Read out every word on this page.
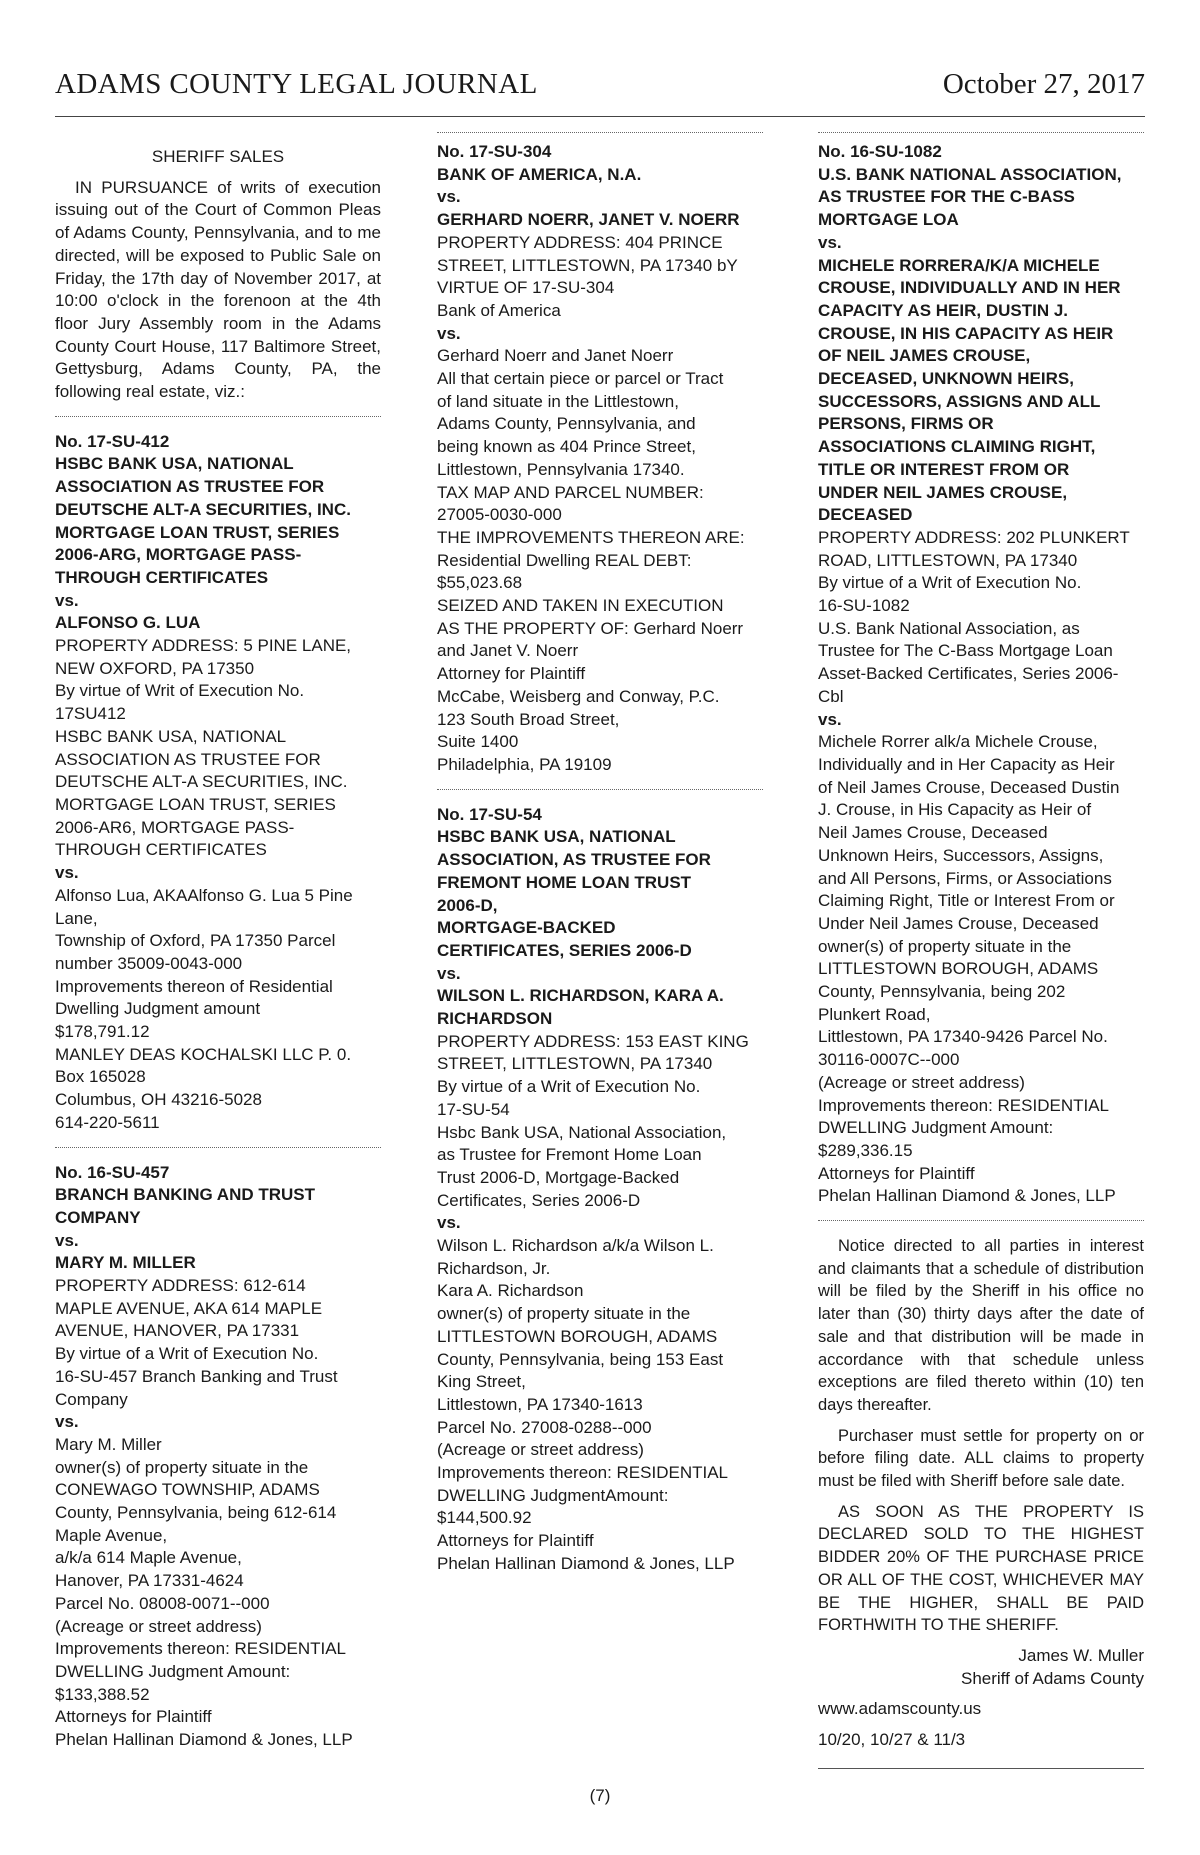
ADAMS COUNTY LEGAL JOURNAL	October 27, 2017
SHERIFF SALES
IN PURSUANCE of writs of execution issuing out of the Court of Common Pleas of Adams County, Pennsylvania, and to me directed, will be exposed to Public Sale on Friday, the 17th day of November 2017, at 10:00 o'clock in the forenoon at the 4th floor Jury Assembly room in the Adams County Court House, 117 Baltimore Street, Gettysburg, Adams County, PA, the following real estate, viz.:
No. 17-SU-412
HSBC BANK USA, NATIONAL
ASSOCIATION AS TRUSTEE FOR
DEUTSCHE ALT-A SECURITIES, INC.
MORTGAGE LOAN TRUST, SERIES
2006-ARG, MORTGAGE PASS-
THROUGH CERTIFICATES
vs.
ALFONSO G. LUA
PROPERTY ADDRESS: 5 PINE LANE,
NEW OXFORD, PA 17350
By virtue of Writ of Execution No.
17SU412
HSBC BANK USA, NATIONAL
ASSOCIATION AS TRUSTEE FOR
DEUTSCHE ALT-A SECURITIES, INC.
MORTGAGE LOAN TRUST, SERIES
2006-AR6, MORTGAGE PASS-
THROUGH CERTIFICATES
vs.
Alfonso Lua, AKAAlfonso G. Lua 5 Pine
Lane,
Township of Oxford, PA 17350 Parcel
number 35009-0043-000
Improvements thereon of Residential
Dwelling Judgment amount
$178,791.12
MANLEY DEAS KOCHALSKI LLC P. 0.
Box 165028
Columbus, OH 43216-5028
614-220-5611
No. 16-SU-457
BRANCH BANKING AND TRUST
COMPANY
vs.
MARY M. MILLER
PROPERTY ADDRESS: 612-614
MAPLE AVENUE, AKA 614 MAPLE
AVENUE, HANOVER, PA 17331
By virtue of a Writ of Execution No.
16-SU-457 Branch Banking and Trust
Company
vs.
Mary M. Miller
owner(s) of property situate in the
CONEWAGO TOWNSHIP, ADAMS
County, Pennsylvania, being 612-614
Maple Avenue,
a/k/a 614 Maple Avenue,
Hanover, PA 17331-4624
Parcel No. 08008-0071--000
(Acreage or street address)
Improvements thereon: RESIDENTIAL
DWELLING Judgment Amount:
$133,388.52
Attorneys for Plaintiff
Phelan Hallinan Diamond & Jones, LLP
No. 17-SU-304
BANK OF AMERICA, N.A.
vs.
GERHARD NOERR, JANET V. NOERR
PROPERTY ADDRESS: 404 PRINCE
STREET, LITTLESTOWN, PA 17340 bY
VIRTUE OF 17-SU-304
Bank of America
vs.
Gerhard Noerr and Janet Noerr
All that certain piece or parcel or Tract
of land situate in the Littlestown,
Adams County, Pennsylvania, and
being known as 404 Prince Street,
Littlestown, Pennsylvania 17340.
TAX MAP AND PARCEL NUMBER:
27005-0030-000
THE IMPROVEMENTS THEREON ARE:
Residential Dwelling REAL DEBT:
$55,023.68
SEIZED AND TAKEN IN EXECUTION
AS THE PROPERTY OF: Gerhard Noerr
and Janet V. Noerr
Attorney for Plaintiff
McCabe, Weisberg and Conway, P.C.
123 South Broad Street,
Suite 1400
Philadelphia, PA 19109
No. 17-SU-54
HSBC BANK USA, NATIONAL
ASSOCIATION, AS TRUSTEE FOR
FREMONT HOME LOAN TRUST
2006-D,
MORTGAGE-BACKED
CERTIFICATES, SERIES 2006-D
vs.
WILSON L. RICHARDSON, KARA A.
RICHARDSON
PROPERTY ADDRESS: 153 EAST KING
STREET, LITTLESTOWN, PA 17340
By virtue of a Writ of Execution No.
17-SU-54
Hsbc Bank USA, National Association,
as Trustee for Fremont Home Loan
Trust 2006-D, Mortgage-Backed
Certificates, Series 2006-D
vs.
Wilson L. Richardson a/k/a Wilson L.
Richardson, Jr.
Kara A. Richardson
owner(s) of property situate in the
LITTLESTOWN BOROUGH, ADAMS
County, Pennsylvania, being 153 East
King Street,
Littlestown, PA 17340-1613
Parcel No. 27008-0288--000
(Acreage or street address)
Improvements thereon: RESIDENTIAL
DWELLING JudgmentAmount:
$144,500.92
Attorneys for Plaintiff
Phelan Hallinan Diamond & Jones, LLP
No. 16-SU-1082
U.S. BANK NATIONAL ASSOCIATION,
AS TRUSTEE FOR THE C-BASS
MORTGAGE LOA
vs.
MICHELE RORRERA/K/A MICHELE
CROUSE, INDIVIDUALLY AND IN HER
CAPACITY AS HEIR, DUSTIN J.
CROUSE, IN HIS CAPACITY AS HEIR
OF NEIL JAMES CROUSE,
DECEASED, UNKNOWN HEIRS,
SUCCESSORS, ASSIGNS AND ALL
PERSONS, FIRMS OR
ASSOCIATIONS CLAIMING RIGHT,
TITLE OR INTEREST FROM OR
UNDER NEIL JAMES CROUSE,
DECEASED
PROPERTY ADDRESS: 202 PLUNKERT
ROAD, LITTLESTOWN, PA 17340
By virtue of a Writ of Execution No.
16-SU-1082
U.S. Bank National Association, as
Trustee for The C-Bass Mortgage Loan
Asset-Backed Certificates, Series 2006-
Cbl
vs.
Michele Rorrer alk/a Michele Crouse,
Individually and in Her Capacity as Heir
of Neil James Crouse, Deceased Dustin
J. Crouse, in His Capacity as Heir of
Neil James Crouse, Deceased
Unknown Heirs, Successors, Assigns,
and All Persons, Firms, or Associations
Claiming Right, Title or Interest From or
Under Neil James Crouse, Deceased
owner(s) of property situate in the
LITTLESTOWN BOROUGH, ADAMS
County, Pennsylvania, being 202
Plunkert Road,
Littlestown, PA 17340-9426 Parcel No.
30116-0007C--000
(Acreage or street address)
Improvements thereon: RESIDENTIAL
DWELLING Judgment Amount:
$289,336.15
Attorneys for Plaintiff
Phelan Hallinan Diamond & Jones, LLP
Notice directed to all parties in interest and claimants that a schedule of distribution will be filed by the Sheriff in his office no later than (30) thirty days after the date of sale and that distribution will be made in accordance with that schedule unless exceptions are filed thereto within (10) ten days thereafter.
Purchaser must settle for property on or before filing date. ALL claims to property must be filed with Sheriff before sale date.
AS SOON AS THE PROPERTY IS DECLARED SOLD TO THE HIGHEST BIDDER 20% OF THE PURCHASE PRICE OR ALL OF THE COST, WHICHEVER MAY BE THE HIGHER, SHALL BE PAID FORTHWITH TO THE SHERIFF.
James W. Muller
Sheriff of Adams County
www.adamscounty.us
10/20, 10/27 & 11/3
(7)
